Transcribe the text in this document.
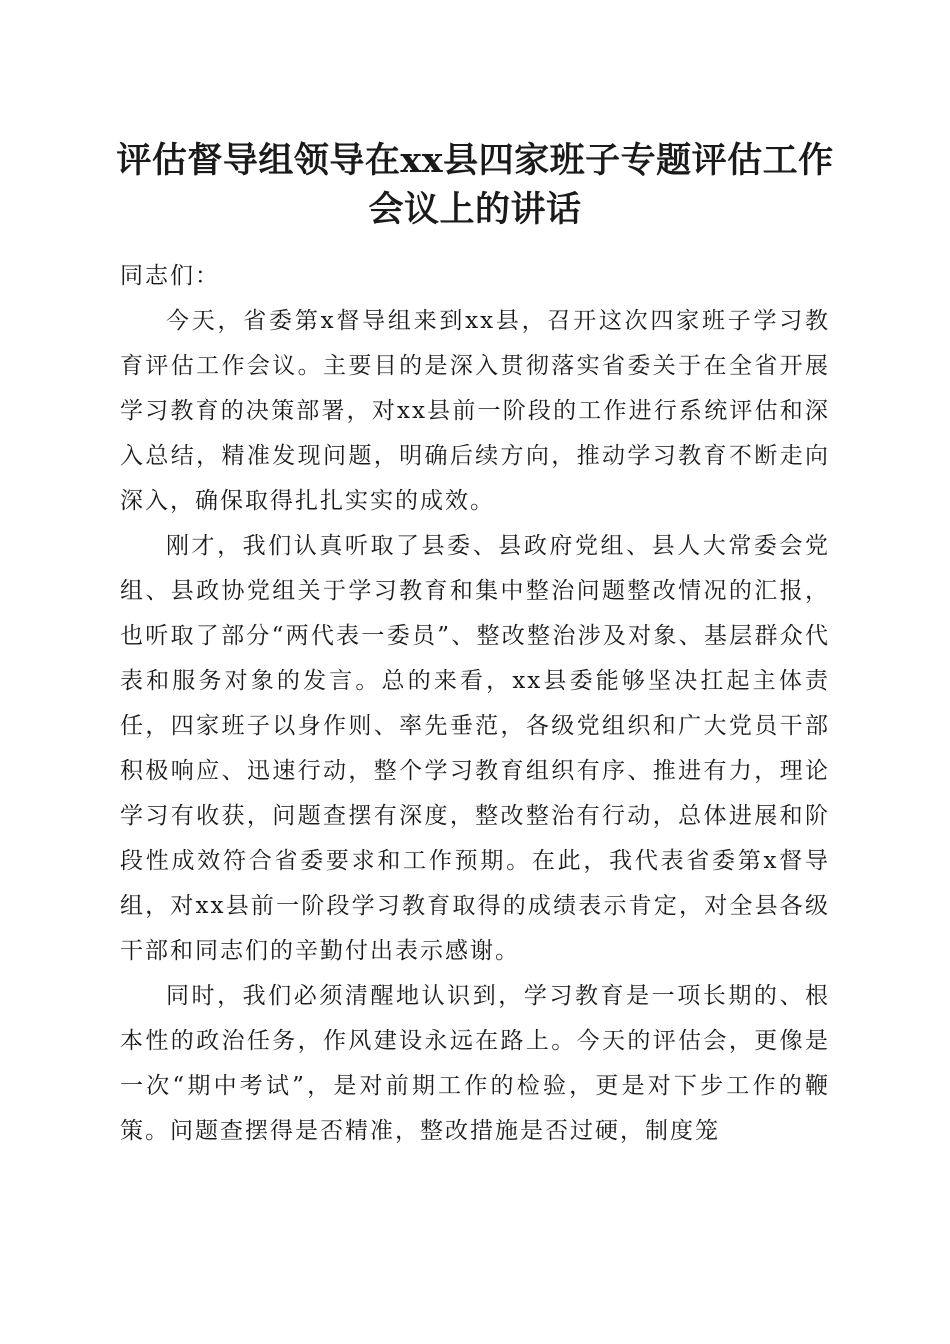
评估督导组领导在xx县四家班子专题评估工作会议上的讲话

同志们：

今天，省委第x督导组来到xx县，召开这次四家班子学习教育评估工作会议。主要目的是深入贯彻落实省委关于在全省开展学习教育的决策部署，对xx县前一阶段的工作进行系统评估和深入总结，精准发现问题，明确后续方向，推动学习教育不断走向深入，确保取得扎扎实实的成效。

刚才，我们认真听取了县委、县政府党组、县人大常委会党组、县政协党组关于学习教育和集中整治问题整改情况的汇报，也听取了部分“两代表一委员”、整改整治涉及对象、基层群众代表和服务对象的发言。总的来看，xx县委能够坚决扛起主体责任，四家班子以身作则、率先垂范，各级党组织和广大党员干部积极响应、迅速行动，整个学习教育组织有序、推进有力，理论学习有收获，问题查摆有深度，整改整治有行动，总体进展和阶段性成效符合省委要求和工作预期。在此，我代表省委第x督导组，对xx县前一阶段学习教育取得的成绩表示肯定，对全县各级干部和同志们的辛勤付出表示感谢。

同时，我们必须清醒地认识到，学习教育是一项长期的、根本性的政治任务，作风建设永远在路上。今天的评估会，更像是一次“期中考试”，是对前期工作的检验，更是对下步工作的鞭策。问题查摆得是否精准，整改措施是否过硬，制度笼
